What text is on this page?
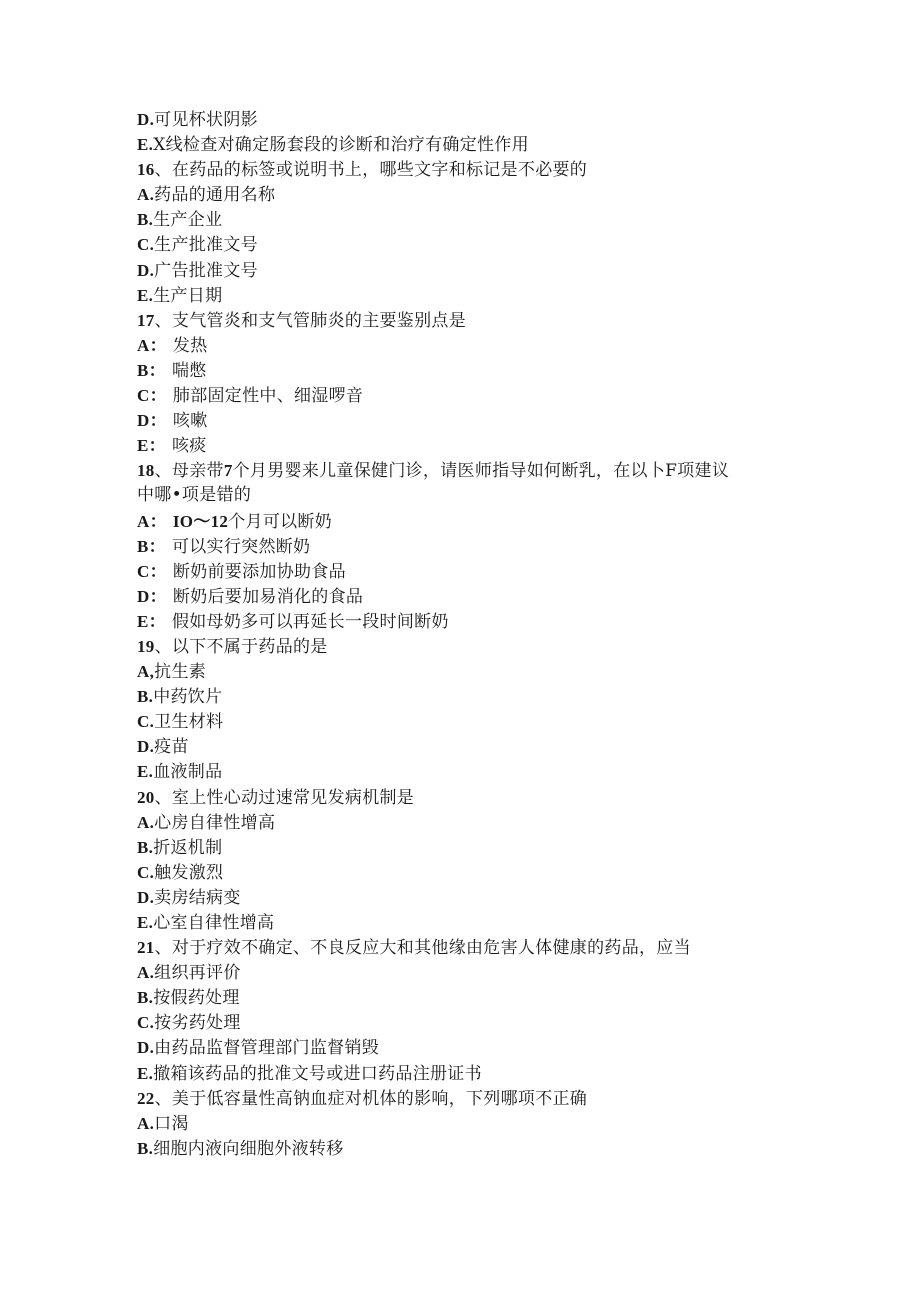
D.可见杯状阴影
E.X线检查对确定肠套段的诊断和治疗有确定性作用
16、在药品的标签或说明书上，哪些文字和标记是不必要的
A.药品的通用名称
B.生产企业
C.生产批准文号
D.广告批准文号
E.生产日期
17、支气管炎和支气管肺炎的主要鉴别点是
A： 发热
B： 喘憋
C： 肺部固定性中、细湿啰音
D： 咳嗽
E： 咳痰
18、母亲带7个月男婴来儿童保健门诊，请医师指导如何断乳，在以卜F项建议
中哪•项是错的
A： IO〜12个月可以断奶
B： 可以实行突然断奶
C： 断奶前要添加协助食品
D： 断奶后要加易消化的食品
E： 假如母奶多可以再延长一段时间断奶
19、以下不属于药品的是
A,抗生素
B.中药饮片
C.卫生材料
D.疫苗
E.血液制品
20、室上性心动过速常见发病机制是
A.心房自律性增高
B.折返机制
C.触发激烈
D.卖房结病变
E.心室自律性增高
21、对于疗效不确定、不良反应大和其他缘由危害人体健康的药品，应当
A.组织再评价
B.按假药处理
C.按劣药处理
D.由药品监督管理部门监督销毁
E.撤箱该药品的批准文号或进口药品注册证书
22、美于低容量性高钠血症对机体的影响，下列哪项不正确
A.口渴
B.细胞内液向细胞外液转移
